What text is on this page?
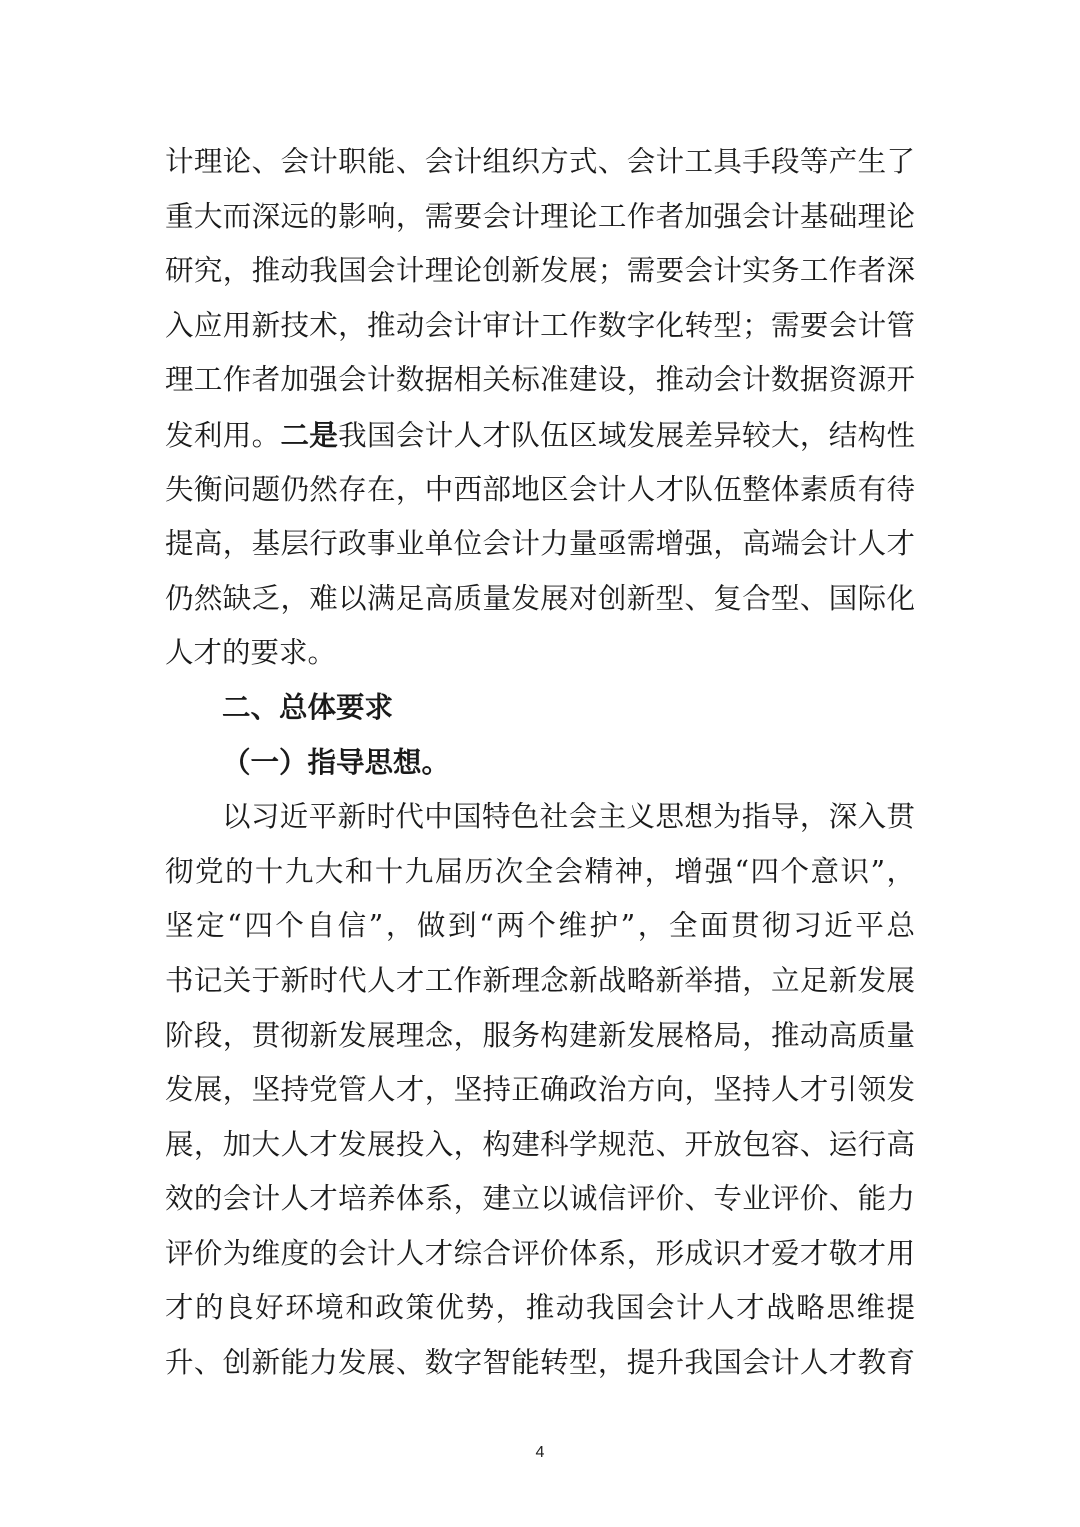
计理论、会计职能、会计组织方式、会计工具手段等产生了
重大而深远的影响，需要会计理论工作者加强会计基础理论
研究，推动我国会计理论创新发展；需要会计实务工作者深
入应用新技术，推动会计审计工作数字化转型；需要会计管
理工作者加强会计数据相关标准建设，推动会计数据资源开
发利用。二是我国会计人才队伍区域发展差异较大，结构性
失衡问题仍然存在，中西部地区会计人才队伍整体素质有待
提高，基层行政事业单位会计力量亟需增强，高端会计人才
仍然缺乏，难以满足高质量发展对创新型、复合型、国际化
人才的要求。
二、总体要求
（一）指导思想。
以习近平新时代中国特色社会主义思想为指导，深入贯
彻党的十九大和十九届历次全会精神，增强“四个意识”，
坚定“四个自信”，做到“两个维护”，全面贯彻习近平总
书记关于新时代人才工作新理念新战略新举措，立足新发展
阶段，贯彻新发展理念，服务构建新发展格局，推动高质量
发展，坚持党管人才，坚持正确政治方向，坚持人才引领发
展，加大人才发展投入，构建科学规范、开放包容、运行高
效的会计人才培养体系，建立以诚信评价、专业评价、能力
评价为维度的会计人才综合评价体系，形成识才爱才敬才用
才的良好环境和政策优势，推动我国会计人才战略思维提
升、创新能力发展、数字智能转型，提升我国会计人才教育
4
